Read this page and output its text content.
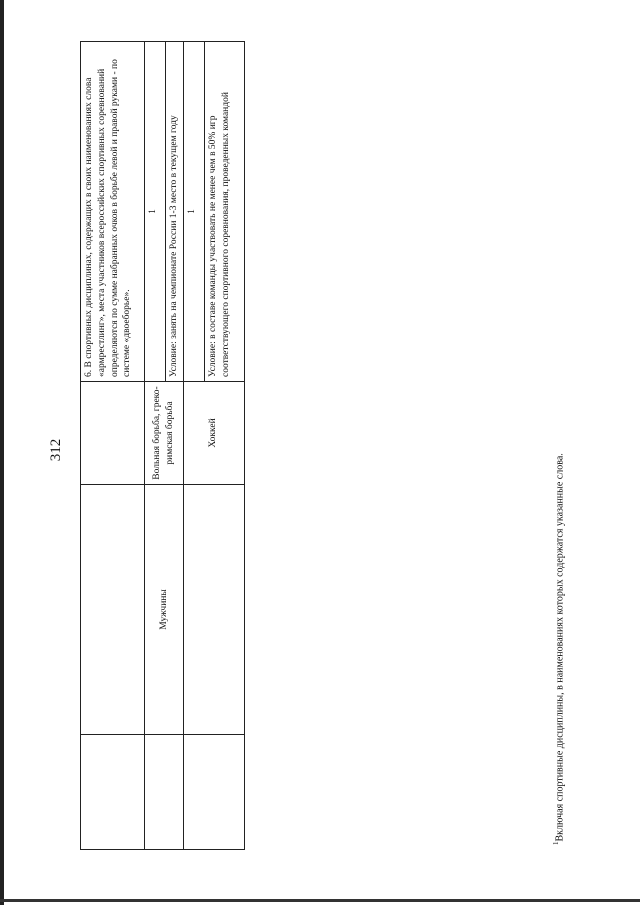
312
			6. В спортивных дисциплинах, содержащих в своих наименованиях слова «армрестлинг», места участников всероссийских спортивных соревнований определяются по сумме набранных очков в борьбе левой и правой руками - по системе «двоеборье».
	Мужчины	Вольная борьба, греко-римская борьба	1
			Условие: занять на чемпионате России 1-3 место в текущем году
		Хоккей	1
			Условие: в составе команды участвовать не менее чем в 50% игр соответствующего спортивного соревнования, проведенных командой
$^1$Включая спортивные дисциплины, в наименованиях которых содержатся указанные слова.
